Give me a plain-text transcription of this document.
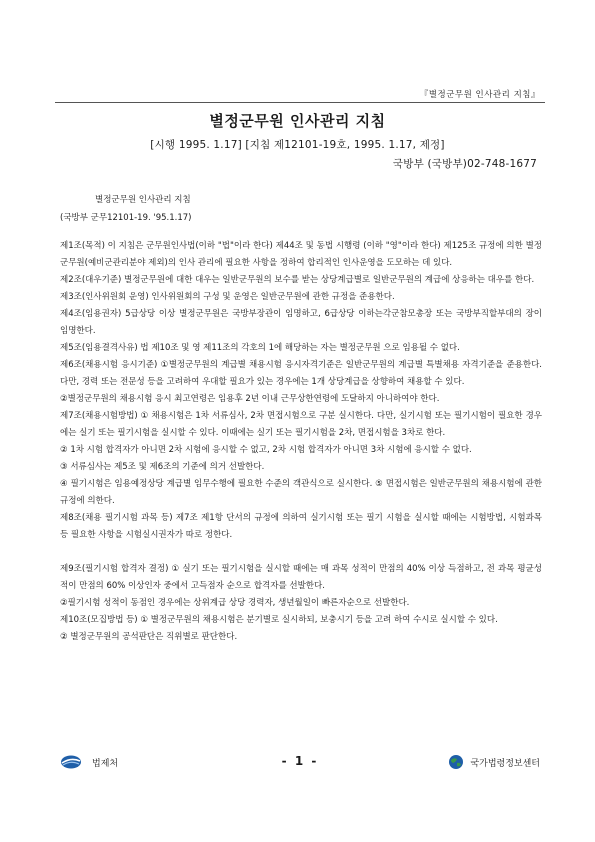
『별정군무원 인사관리 지침』
별정군무원 인사관리 지침
[시행 1995. 1.17] [지침 제12101-19호, 1995. 1.17, 제정]
국방부 (국방부)02-748-1677
별정군무원 인사관리 지침
(국방부 군무12101-19. '95.1.17)

제1조(목적) 이 지침은 군무원인사법(이하 "법"이라 한다) 제44조 및 동법 시행령 (이하 "영"이라 한다) 제125조 규정에 의한 별정군무원(예비군관리분야 제외)의 인사 관리에 필요한 사항을 정하여 합리적인 인사운영을 도모하는 데 있다.

제2조(대우기준) 별정군무원에 대한 대우는 일반군무원의 보수를 받는 상당계급별로 일반군무원의 계급에 상응하는 대우를 한다.

제3조(인사위원회 운영) 인사위원회의 구성 및 운영은 일반군무원에 관한 규정을 준용한다.

제4조(임용권자) 5급상당 이상 별정군무원은 국방부장관이 임명하고, 6급상당 이하는각군참모총장 또는 국방부직할부대의 장이 임명한다.

제5조(임용결격사유) 법 제10조 및 영 제11조의 각호의 1에 해당하는 자는 별정군무원 으로 임용될 수 없다.

제6조(채용시험 응시기준) ①별정군무원의 계급별 채용시험 응시자격기준은 일반군무원의 계급별 특별채용 자격기준을 준용한다. 다만, 경력 또는 전문성 등을 고려하여 우대할 필요가 있는 경우에는 1개 상당계급을 상향하여 채용할 수 있다.

②별정군무원의 채용시험 응시 최고연령은 임용후 2년 이내 근무상한연령에 도달하지 아니하여야 한다.

제7조(채용시험방법) ① 채용시험은 1차 서류심사, 2차 면접시험으로 구분 실시한다. 다만, 실기시험 또는 필기시험이 필요한 경우에는 실기 또는 필기시험을 실시할 수 있다. 이때에는 실기 또는 필기시험을 2차, 면접시험을 3차로 한다.

② 1차 시험 합격자가 아니면 2차 시험에 응시할 수 없고, 2차 시험 합격자가 아니면 3차 시험에 응시할 수 없다.

③ 서류심사는 제5조 및 제6조의 기준에 의거 선발한다.

④ 필기시험은 임용예정상당 계급별 임무수행에 필요한 수준의 객관식으로 실시한다. ⑤ 면접시험은 일반군무원의 채용시험에 관한 규정에 의한다.

제8조(채용 필기시험 과목 등) 제7조 제1항 단서의 규정에 의하여 실기시험 또는 필기 시험을 실시할 때에는 시험방법, 시험과목 등 필요한 사항을 시험실시권자가 따로 정한다.

제9조(필기시험 합격자 결정) ① 실기 또는 필기시험을 실시할 때에는 매 과목 성적이 만점의 40% 이상 득점하고, 전 과목 평균성적이 만점의 60% 이상인자 중에서 고득점자 순으로 합격자를 선발한다.

②필기시험 성적이 동점인 경우에는 상위계급 상당 경력자, 생년월일이 빠른자순으로 선발한다.

제10조(모집방법 등) ① 별정군무원의 채용시험은 분기별로 실시하되, 보충시기 등을 고려 하여 수시로 실시할 수 있다.

② 별정군무원의 공석판단은 직위별로 판단한다.

법제처	- 1 -	국가법령정보센터
